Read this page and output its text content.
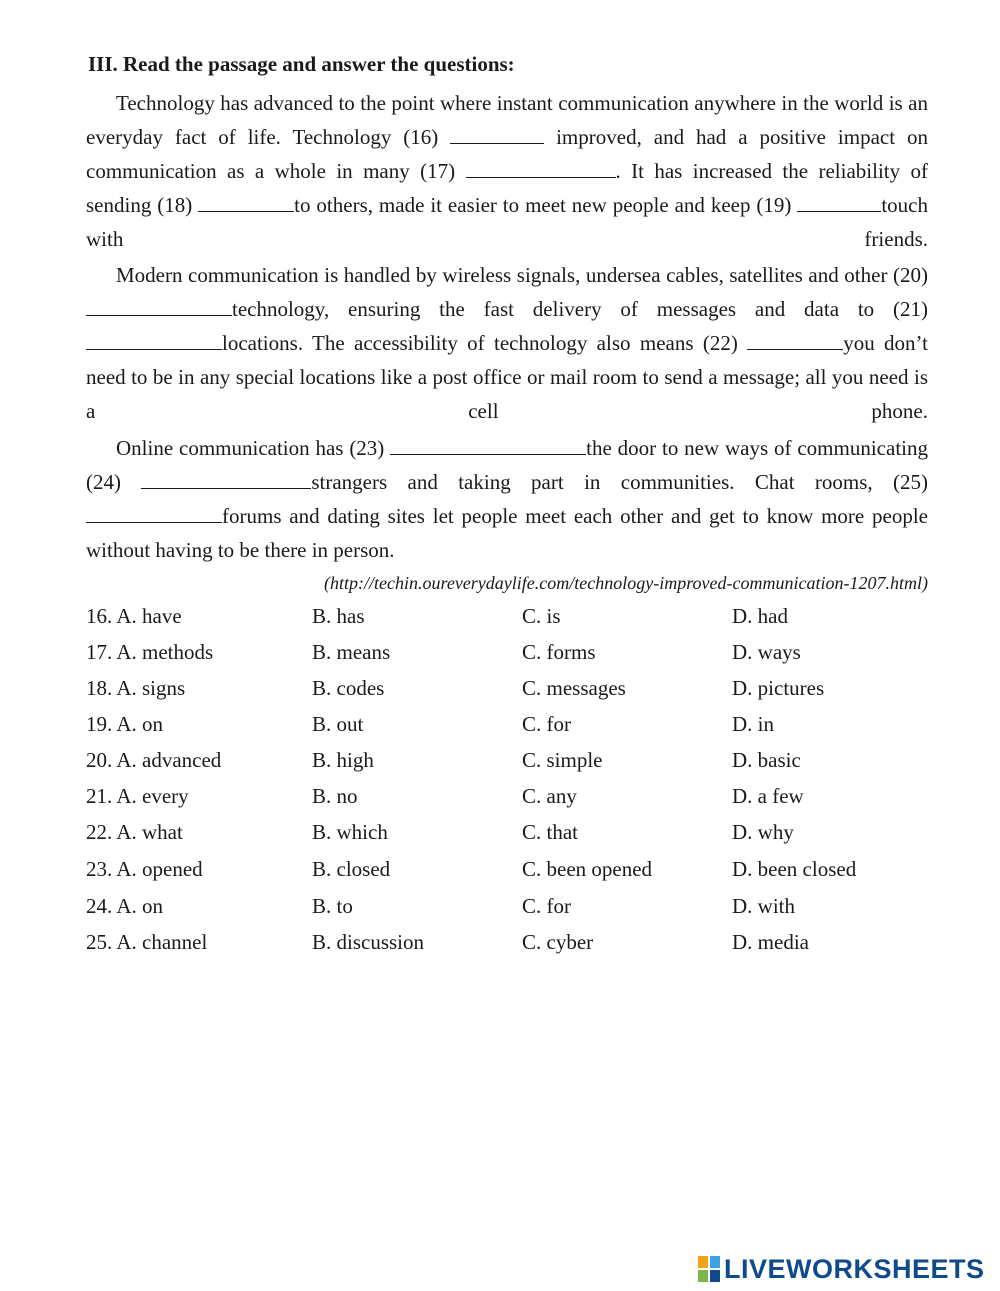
III. Read the passage and answer the questions:

Technology has advanced to the point where instant communication anywhere in the world is an everyday fact of life. Technology (16)	improved, and had a positive impact on communication as a whole in many (17)	. It has increased the reliability of sending (18)	to others, made it easier to meet new people and keep (19)	touch with friends.

Modern communication is handled by wireless signals, undersea cables, satellites and other (20) technology, ensuring the fast delivery of messages and data to (21) locations. The accessibility of technology also means (22)	you don’t need to be in any special locations like a post office or mail room to send a message; all you need is a cell phone.

Online communication has (23)	the door to new ways of communicating (24)	strangers and taking part in communities. Chat rooms, (25) forums and dating sites let people meet each other and get to know more people without having to be there in person.

(http://techin.oureverydaylife.com/technology-improved-communication-1207.html)

16. A. have	B. has	C. is	D. had
17. A. methods	B. means	C. forms	D. ways
18. A. signs	B. codes	C. messages	D. pictures
19. A. on	B. out	C. for	D. in
20. A. advanced	B. high	C. simple	D. basic
21. A. every	B. no	C. any	D. a few
22. A. what	B. which	C. that	D. why
23. A. opened	B. closed	C. been opened	D. been closed
24. A. on	B. to	C. for	D. with
25. A. channel	B. discussion	C. cyber	D. media
LIVEWORKSHEETS
